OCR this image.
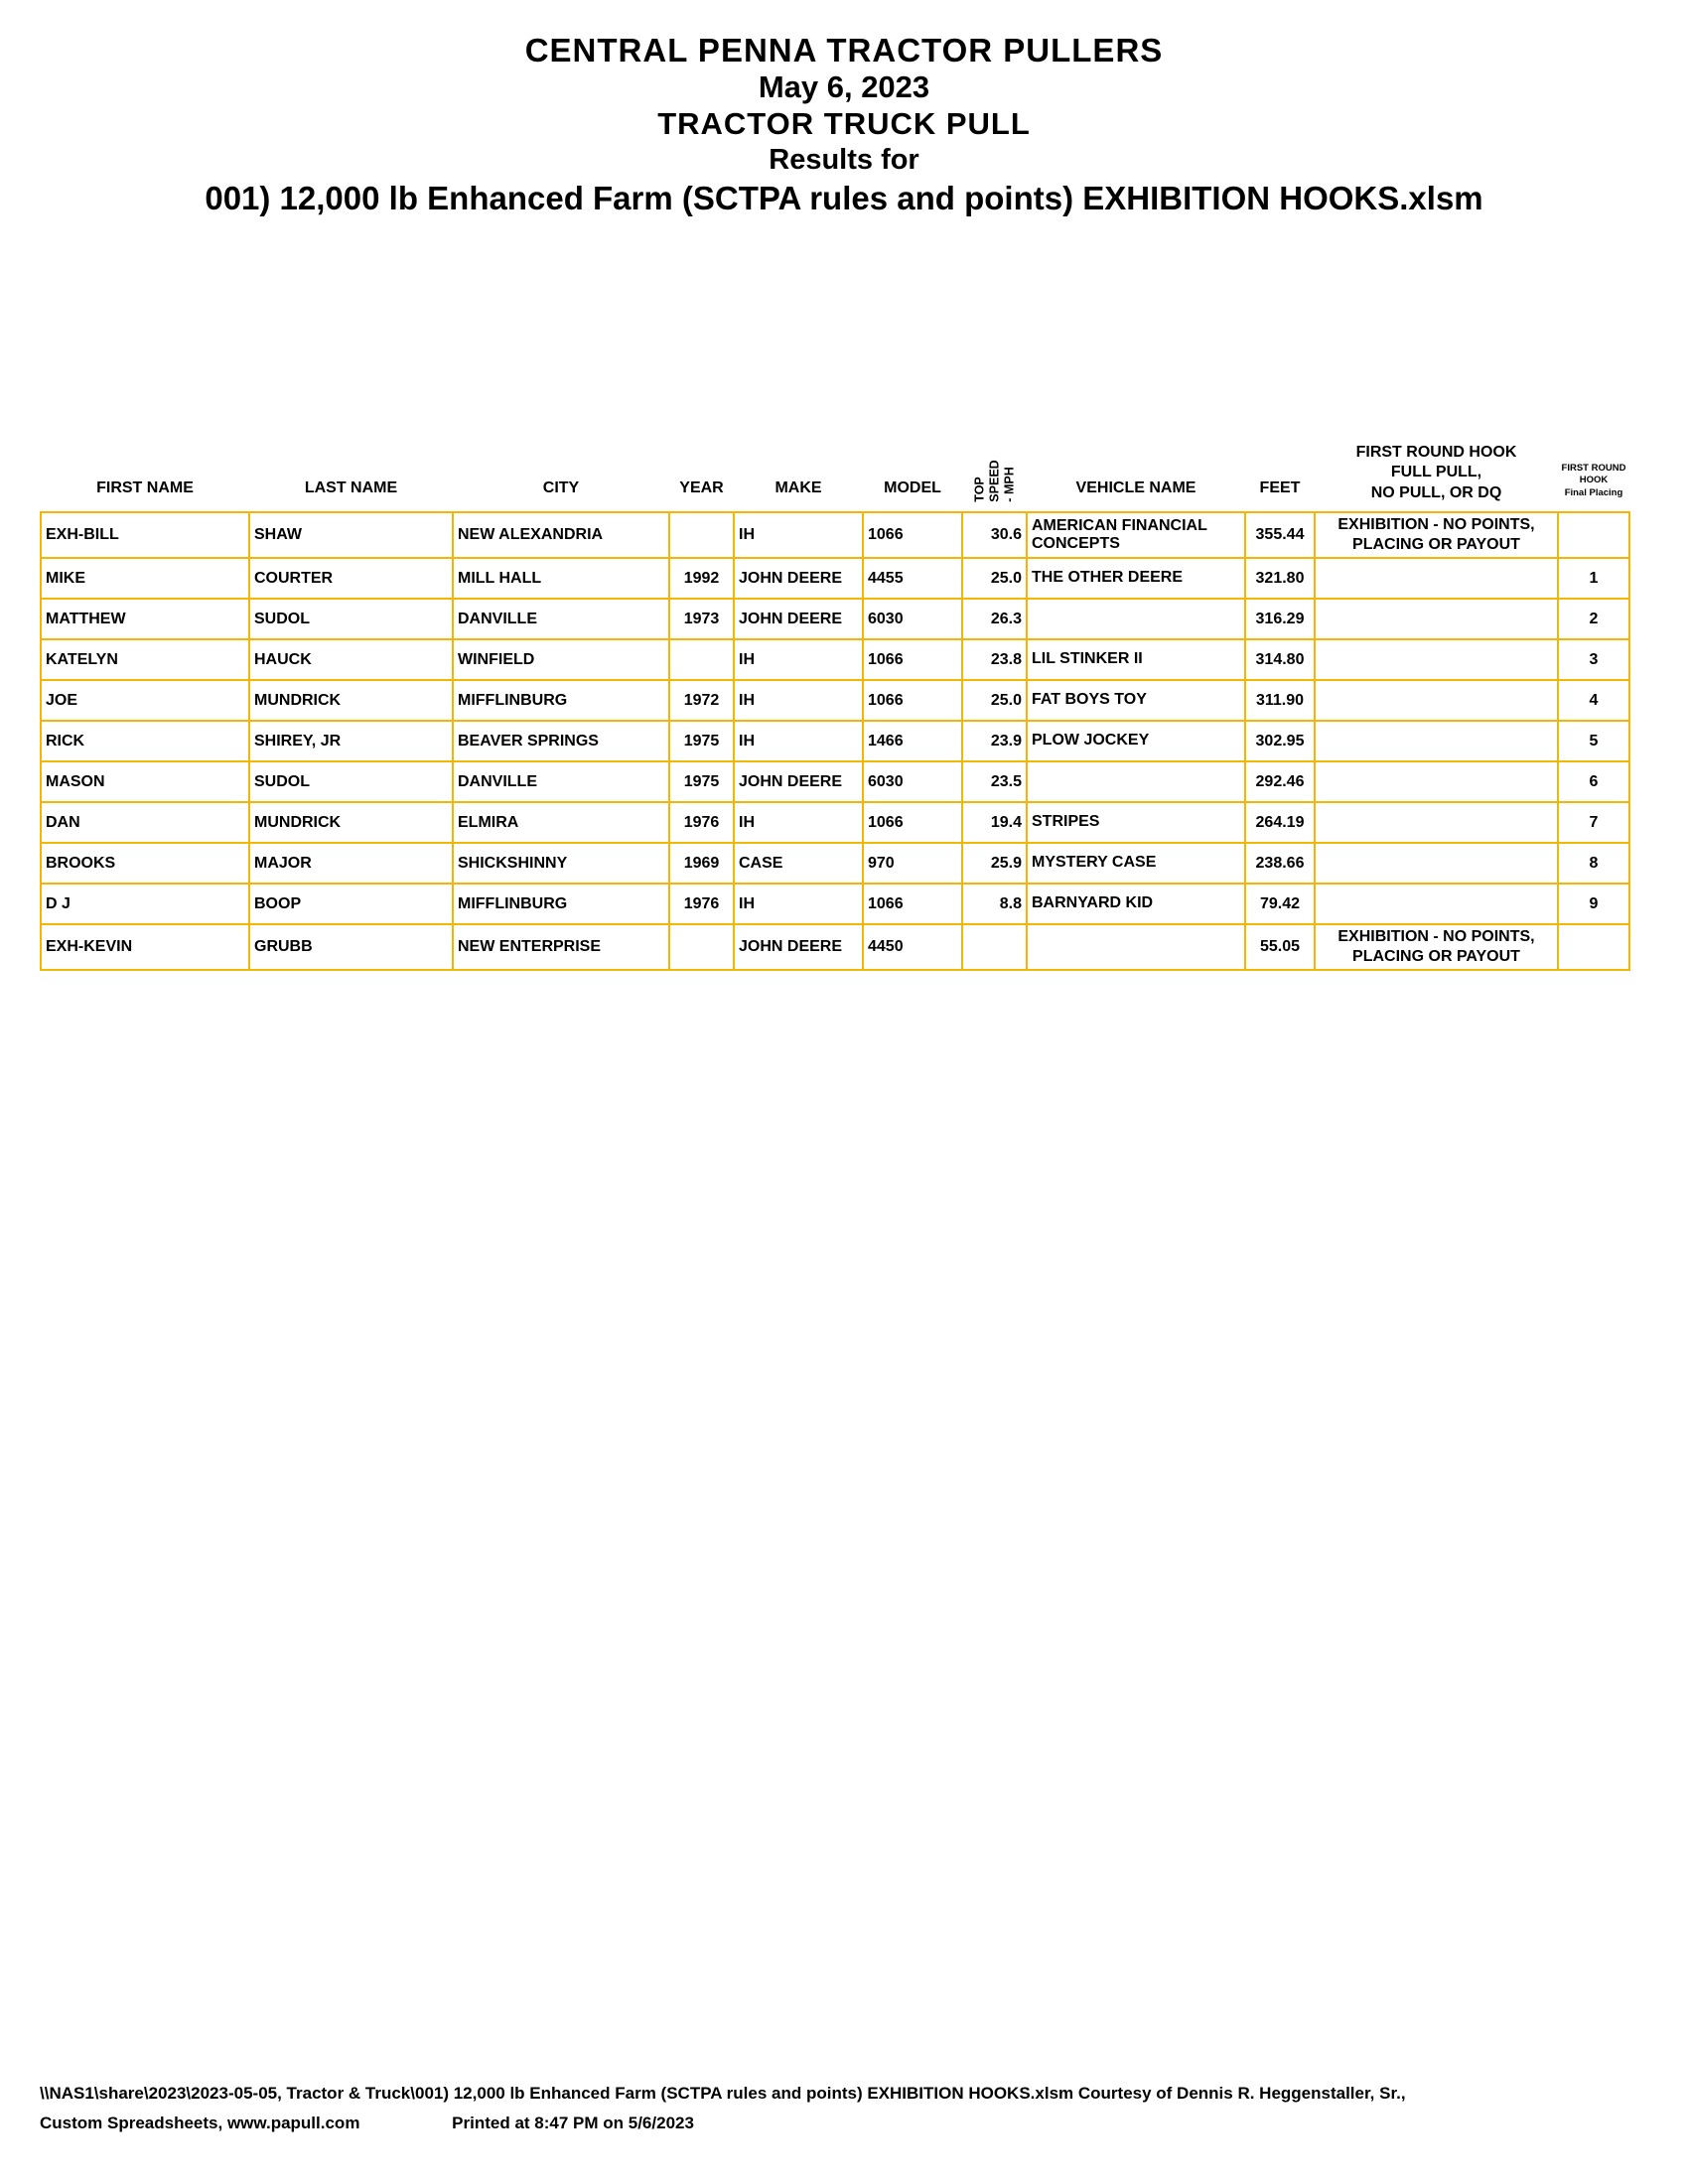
CENTRAL PENNA TRACTOR PULLERS
May 6, 2023
TRACTOR TRUCK PULL
Results for
001) 12,000 lb Enhanced Farm (SCTPA rules and points) EXHIBITION HOOKS.xlsm
FIRST NAME	LAST NAME	CITY	YEAR	MAKE	MODEL	TOP
SPEED
- MPH	VEHICLE NAME	FEET	FIRST ROUND HOOK
FULL PULL,
NO PULL, OR DQ	FIRST ROUND
HOOK
Final Placing
EXH-BILL	SHAW	NEW ALEXANDRIA		IH	1066	30.6	AMERICAN FINANCIAL CONCEPTS	355.44	EXHIBITION - NO POINTS, PLACING OR PAYOUT	
MIKE	COURTER	MILL HALL	1992	JOHN DEERE	4455	25.0	THE OTHER DEERE	321.80		1
MATTHEW	SUDOL	DANVILLE	1973	JOHN DEERE	6030	26.3		316.29		2
KATELYN	HAUCK	WINFIELD		IH	1066	23.8	LIL STINKER II	314.80		3
JOE	MUNDRICK	MIFFLINBURG	1972	IH	1066	25.0	FAT BOYS TOY	311.90		4
RICK	SHIREY, JR	BEAVER SPRINGS	1975	IH	1466	23.9	PLOW JOCKEY	302.95		5
MASON	SUDOL	DANVILLE	1975	JOHN DEERE	6030	23.5		292.46		6
DAN	MUNDRICK	ELMIRA	1976	IH	1066	19.4	STRIPES	264.19		7
BROOKS	MAJOR	SHICKSHINNY	1969	CASE	970	25.9	MYSTERY CASE	238.66		8
D J	BOOP	MIFFLINBURG	1976	IH	1066	8.8	BARNYARD KID	79.42		9
EXH-KEVIN	GRUBB	NEW ENTERPRISE		JOHN DEERE	4450			55.05	EXHIBITION - NO POINTS, PLACING OR PAYOUT	
\\NAS1\share\2023\2023-05-05, Tractor & Truck\001) 12,000 lb Enhanced Farm (SCTPA rules and points) EXHIBITION HOOKS.xlsm Courtesy of Dennis R. Heggenstaller, Sr.,
Custom Spreadsheets, www.papull.com	Printed at 8:47 PM on 5/6/2023
